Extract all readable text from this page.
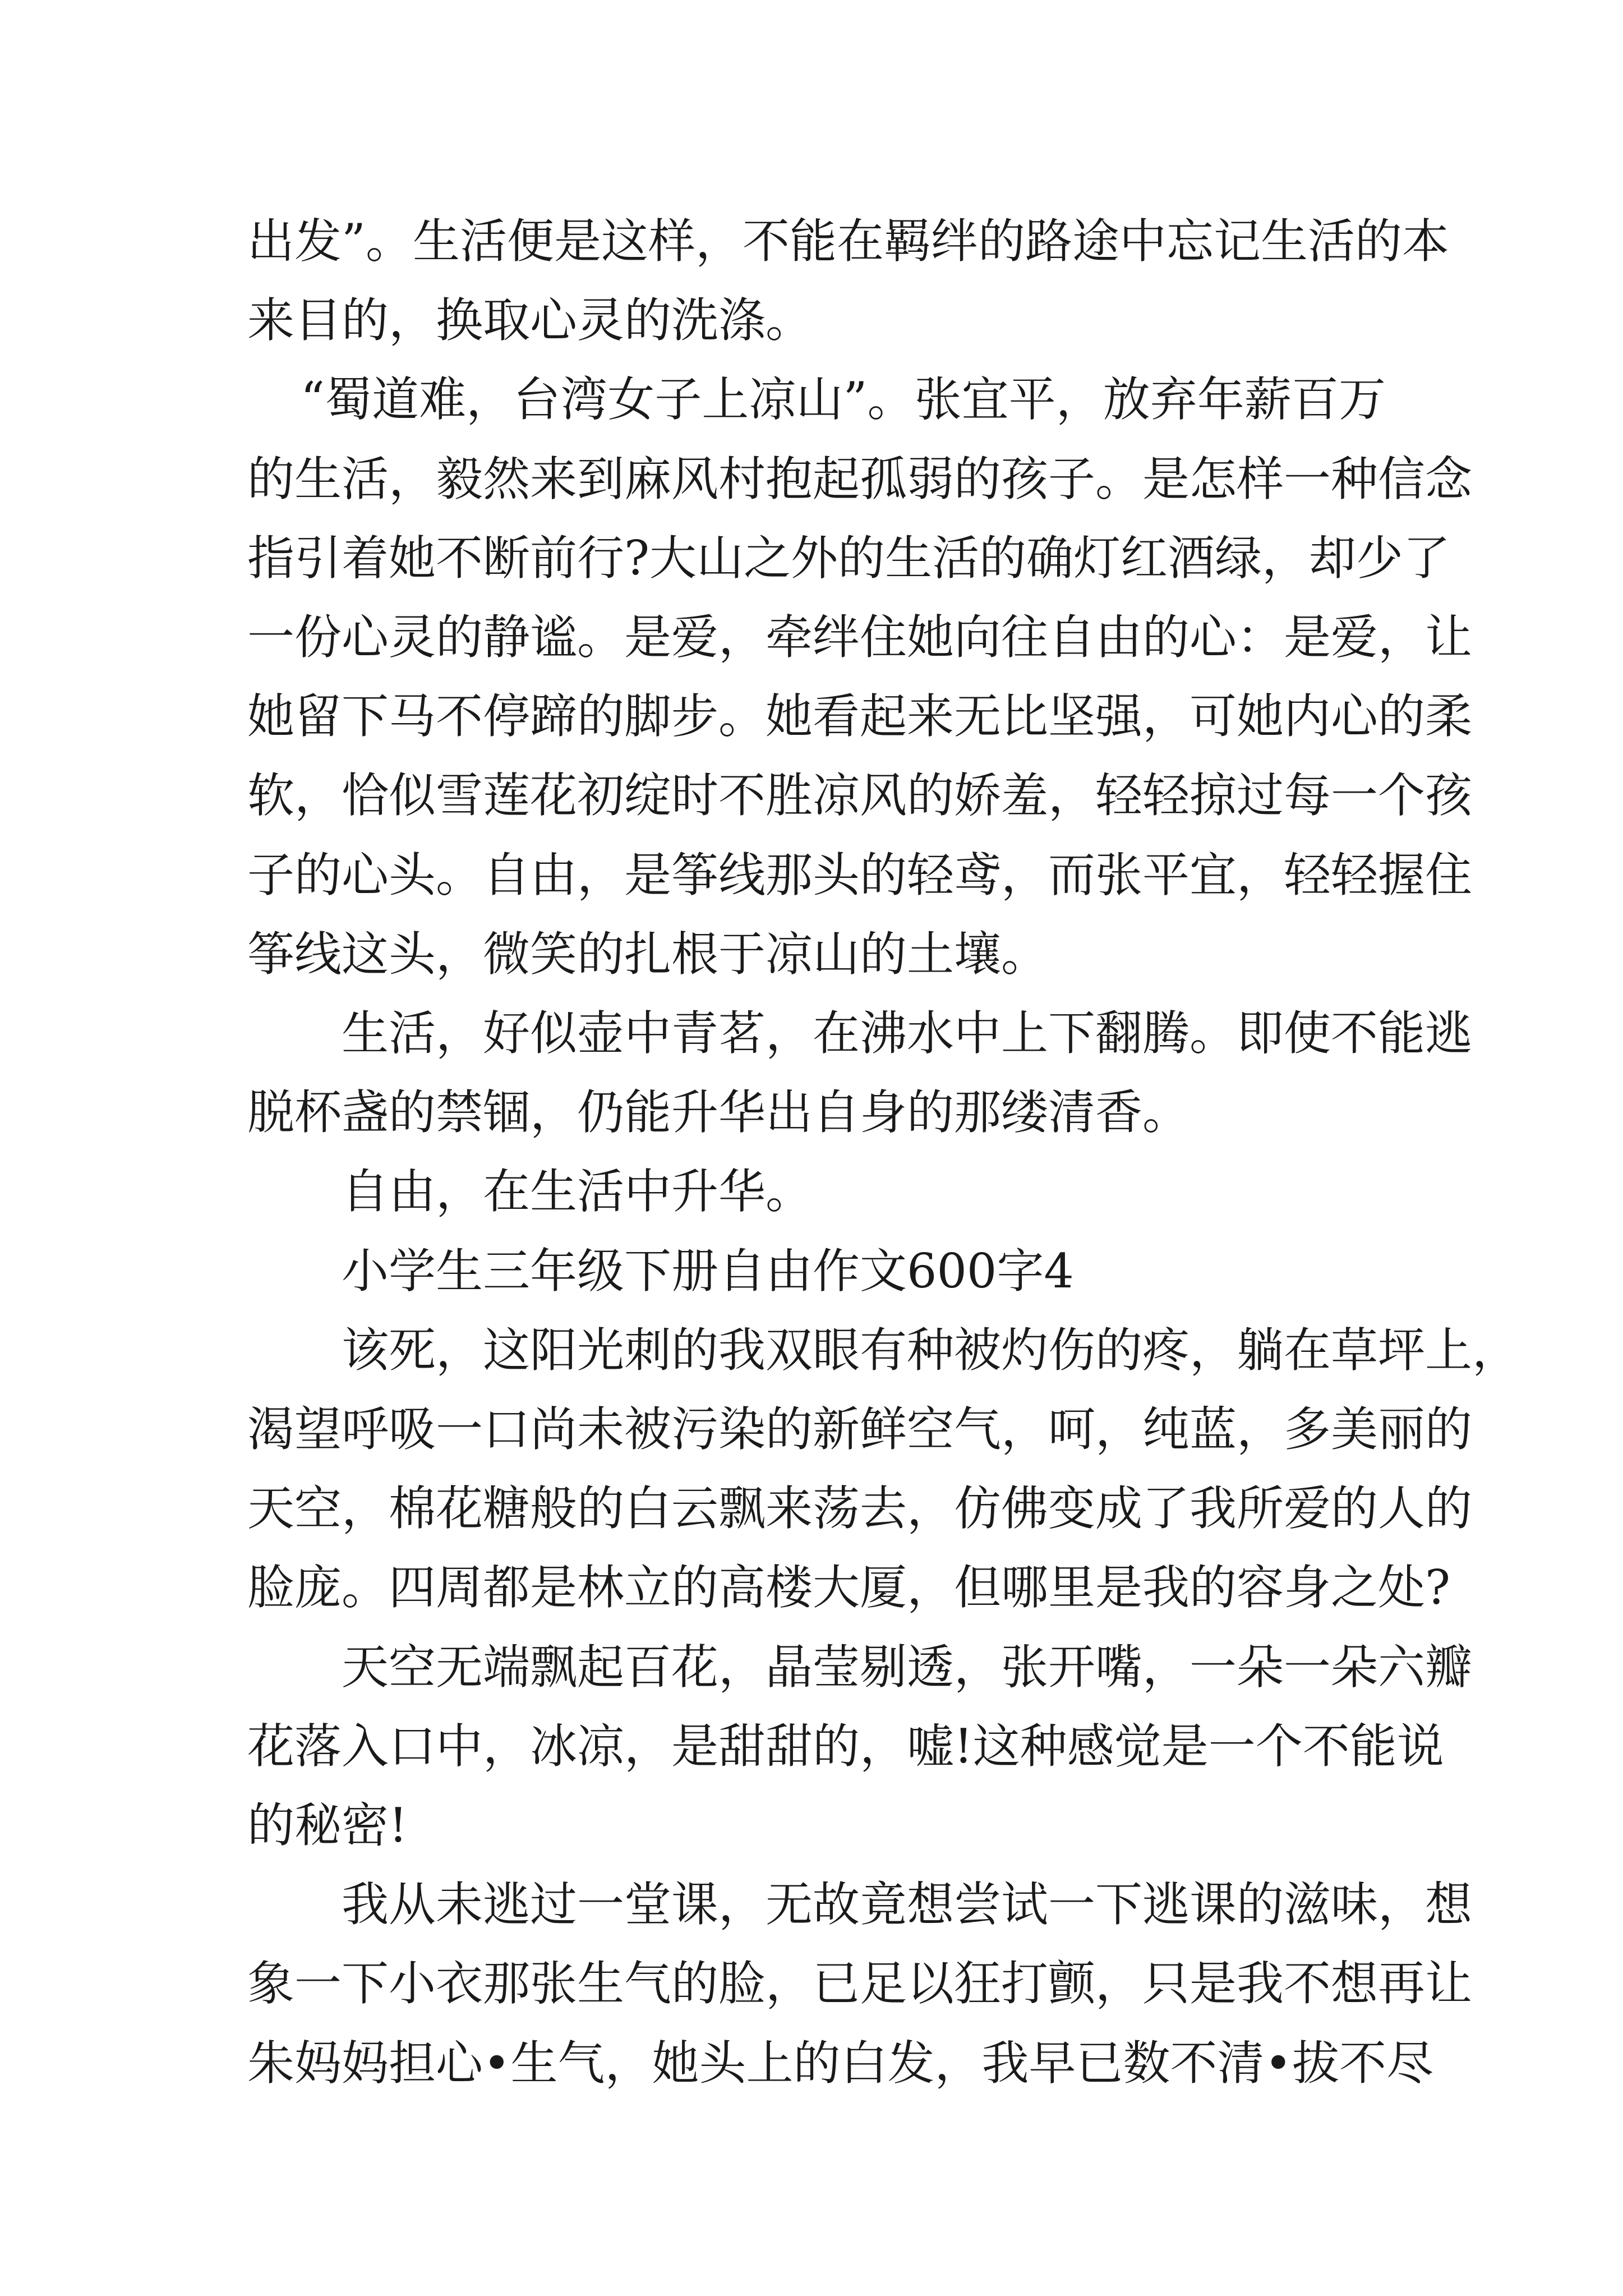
出发”。生活便是这样，不能在羁绊的路途中忘记生活的本
来目的，换取心灵的洗涤。

“蜀道难，台湾女子上凉山”。张宜平，放弃年薪百万
的生活，毅然来到麻风村抱起孤弱的孩子。是怎样一种信念
指引着她不断前行?大山之外的生活的确灯红酒绿，却少了
一份心灵的静谧。是爱，牵绊住她向往自由的心：是爱，让
她留下马不停蹄的脚步。她看起来无比坚强，可她内心的柔
软，恰似雪莲花初绽时不胜凉风的娇羞，轻轻掠过每一个孩
子的心头。自由，是筝线那头的轻鸢，而张平宜，轻轻握住
筝线这头，微笑的扎根于凉山的土壤。

生活，好似壶中青茗，在沸水中上下翻腾。即使不能逃
脱杯盏的禁锢，仍能升华出自身的那缕清香。

自由，在生活中升华。

小学生三年级下册自由作文600字4

该死，这阳光刺的我双眼有种被灼伤的疼，躺在草坪上，
渴望呼吸一口尚未被污染的新鲜空气，呵，纯蓝，多美丽的
天空，棉花糖般的白云飘来荡去，仿佛变成了我所爱的人的
脸庞。四周都是林立的高楼大厦，但哪里是我的容身之处?

天空无端飘起百花，晶莹剔透，张开嘴，一朵一朵六瓣
花落入口中，冰凉，是甜甜的，嘘!这种感觉是一个不能说
的秘密!

我从未逃过一堂课，无故竟想尝试一下逃课的滋味，想
象一下小衣那张生气的脸，已足以狂打颤，只是我不想再让
朱妈妈担心•生气，她头上的白发，我早已数不清•拔不尽
